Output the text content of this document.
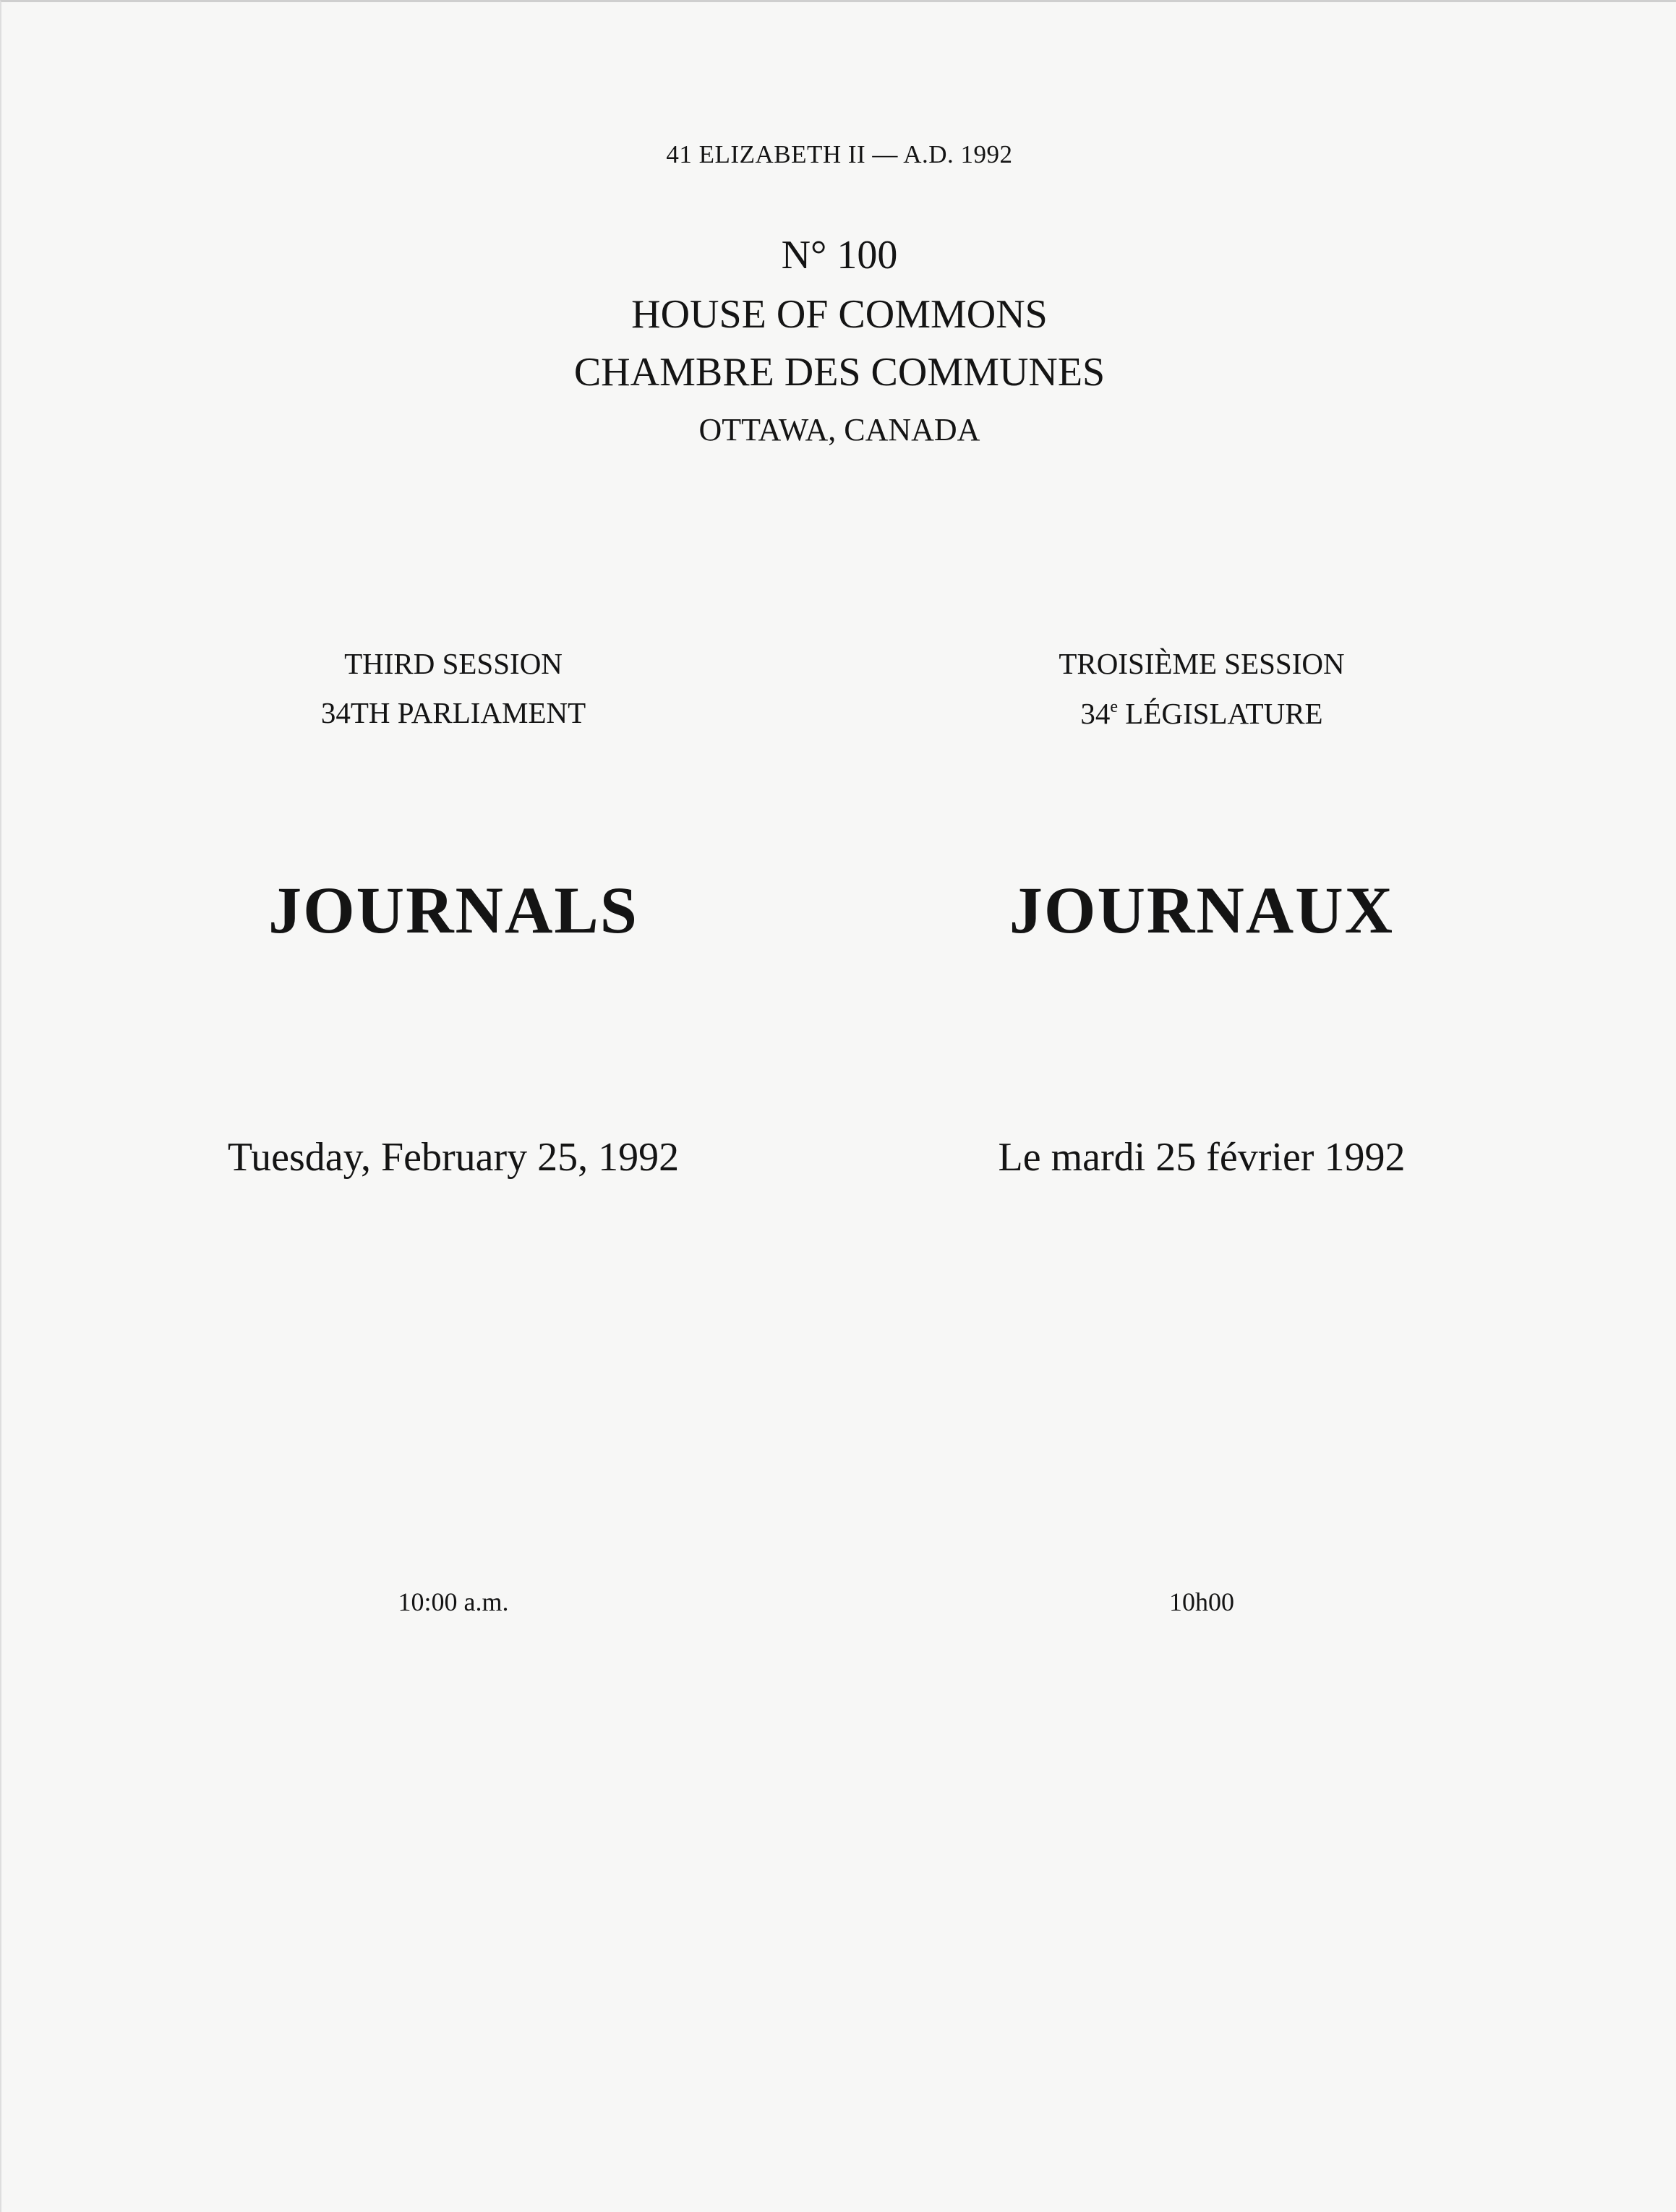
41 ELIZABETH II — A.D. 1992
N° 100
HOUSE OF COMMONS
CHAMBRE DES COMMUNES
OTTAWA, CANADA
THIRD SESSION
34TH PARLIAMENT
JOURNALS
Tuesday, February 25, 1992
10:00 a.m.
TROISIÈME SESSION
34e LÉGISLATURE
JOURNAUX
Le mardi 25 février 1992
10h00
